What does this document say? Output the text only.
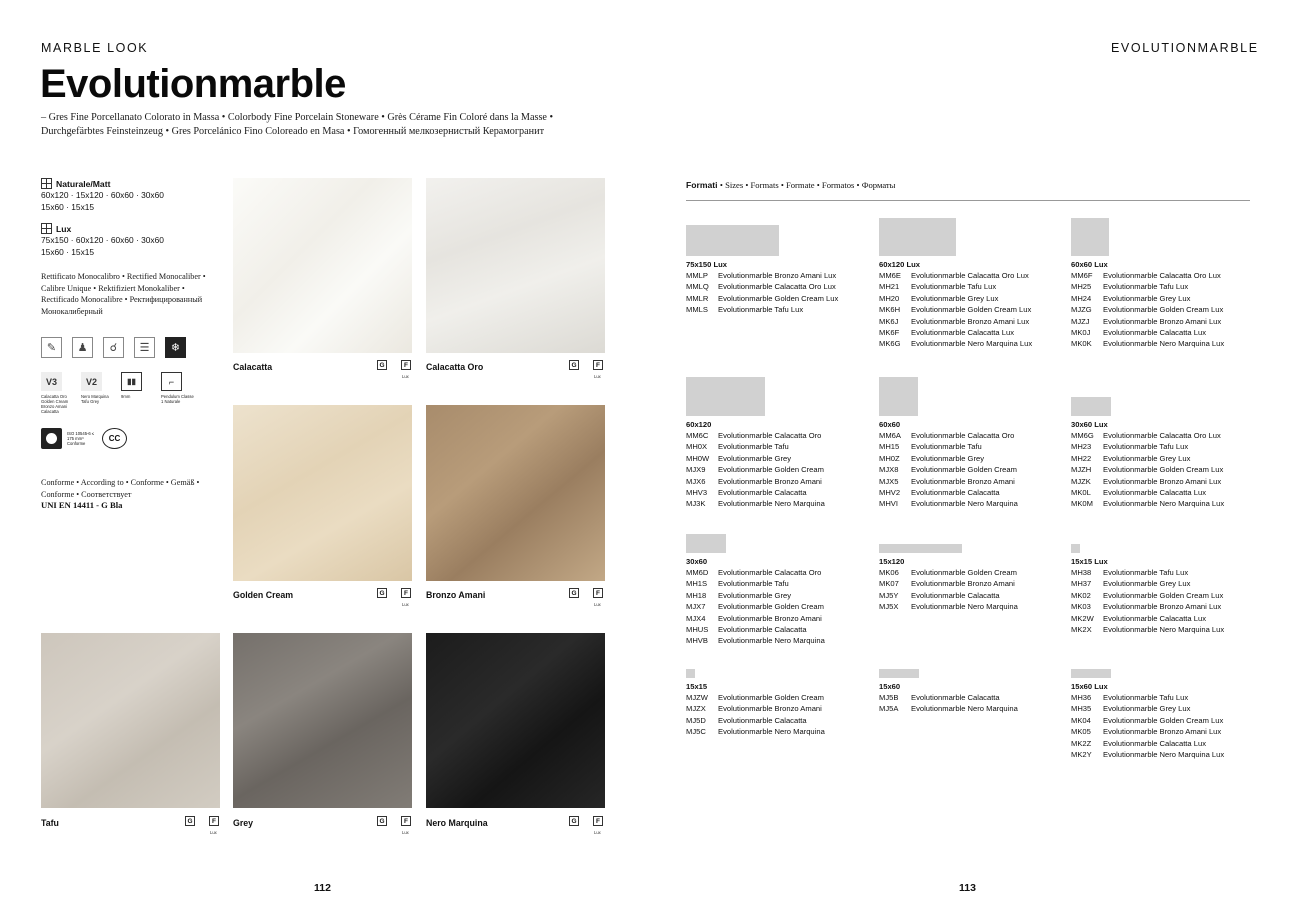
MARBLE LOOK	EVOLUTIONMARBLE
Evolutionmarble
– Gres Fine Porcellanato Colorato in Massa • Colorbody Fine Porcelain Stoneware • Grès Cérame Fin Coloré dans la Masse • Durchgefärbtes Feinsteinzeug • Gres Porcelánico Fino Coloreado en Masa • Гомогенный мелкозернистый Керамогранит
Naturale/Matt
60x120 · 15x120 · 60x60 · 30x60
15x60 · 15x15
Lux
75x150 · 60x120 · 60x60 · 30x60
15x60 · 15x15
Rettificato Monocalibro • Rectified Monocaliber • Calibre Unique • Rektifiziert Monokaliber • Rectificado Monocalibre • Ректифицированный Монокалиберный
✎	♟	☌	☰	❄
V3
Calacatta Oro Golden Cream Bronzo Amani Calacatta
V2
Nero Marquina Tafu Grey
▮▮
9mm
⌐
Pendulum Classe 1 Naturale
ISO 10545-6 ≤ 175 mm³ Conforme
CC
Conforme • According to • Conforme • Gemäß • Conforme • Соответствует
UNI EN 14411 - G Bla
Calacatta	G	F
Lux
Calacatta Oro	G	F
Lux
Golden Cream	G	F
Lux
Bronzo Amani	G	F
Lux
Tafu	G	F
Lux
Grey	G	F
Lux
Nero Marquina	G	F
Lux
Formati • Sizes • Formats • Formate • Formatos • Форматы
75x150 Lux
MMLP	Evolutionmarble Bronzo Amani Lux
MMLQ	Evolutionmarble Calacatta Oro Lux
MMLR	Evolutionmarble Golden Cream Lux
MMLS	Evolutionmarble Tafu Lux
60x120 Lux
MM6E	Evolutionmarble Calacatta Oro Lux
MH21	Evolutionmarble Tafu Lux
MH20	Evolutionmarble Grey Lux
MK6H	Evolutionmarble Golden Cream Lux
MK6J	Evolutionmarble Bronzo Amani Lux
MK6F	Evolutionmarble Calacatta Lux
MK6G	Evolutionmarble Nero Marquina Lux
60x60 Lux
MM6F	Evolutionmarble Calacatta Oro Lux
MH25	Evolutionmarble Tafu Lux
MH24	Evolutionmarble Grey Lux
MJZG	Evolutionmarble Golden Cream Lux
MJZJ	Evolutionmarble Bronzo Amani Lux
MK0J	Evolutionmarble Calacatta Lux
MK0K	Evolutionmarble Nero Marquina Lux
60x120
MM6C	Evolutionmarble Calacatta Oro
MH0X	Evolutionmarble Tafu
MH0W	Evolutionmarble Grey
MJX9	Evolutionmarble Golden Cream
MJX6	Evolutionmarble Bronzo Amani
MHV3	Evolutionmarble Calacatta
MJ3K	Evolutionmarble Nero Marquina
60x60
MM6A	Evolutionmarble Calacatta Oro
MH15	Evolutionmarble Tafu
MH0Z	Evolutionmarble Grey
MJX8	Evolutionmarble Golden Cream
MJX5	Evolutionmarble Bronzo Amani
MHV2	Evolutionmarble Calacatta
MHVI	Evolutionmarble Nero Marquina
30x60 Lux
MM6G	Evolutionmarble Calacatta Oro Lux
MH23	Evolutionmarble Tafu Lux
MH22	Evolutionmarble Grey Lux
MJZH	Evolutionmarble Golden Cream Lux
MJZK	Evolutionmarble Bronzo Amani Lux
MK0L	Evolutionmarble Calacatta Lux
MK0M	Evolutionmarble Nero Marquina Lux
30x60
MM6D	Evolutionmarble Calacatta Oro
MH1S	Evolutionmarble Tafu
MH18	Evolutionmarble Grey
MJX7	Evolutionmarble Golden Cream
MJX4	Evolutionmarble Bronzo Amani
MHUS	Evolutionmarble Calacatta
MHVB	Evolutionmarble Nero Marquina
15x120
MK06	Evolutionmarble Golden Cream
MK07	Evolutionmarble Bronzo Amani
MJ5Y	Evolutionmarble Calacatta
MJ5X	Evolutionmarble Nero Marquina
15x15 Lux
MH38	Evolutionmarble Tafu Lux
MH37	Evolutionmarble Grey Lux
MK02	Evolutionmarble Golden Cream Lux
MK03	Evolutionmarble Bronzo Amani Lux
MK2W	Evolutionmarble Calacatta Lux
MK2X	Evolutionmarble Nero Marquina Lux
15x15
MJZW	Evolutionmarble Golden Cream
MJZX	Evolutionmarble Bronzo Amani
MJ5D	Evolutionmarble Calacatta
MJ5C	Evolutionmarble Nero Marquina
15x60
MJ5B	Evolutionmarble Calacatta
MJ5A	Evolutionmarble Nero Marquina
15x60 Lux
MH36	Evolutionmarble Tafu Lux
MH35	Evolutionmarble Grey Lux
MK04	Evolutionmarble Golden Cream Lux
MK05	Evolutionmarble Bronzo Amani Lux
MK2Z	Evolutionmarble Calacatta Lux
MK2Y	Evolutionmarble Nero Marquina Lux
112	113
